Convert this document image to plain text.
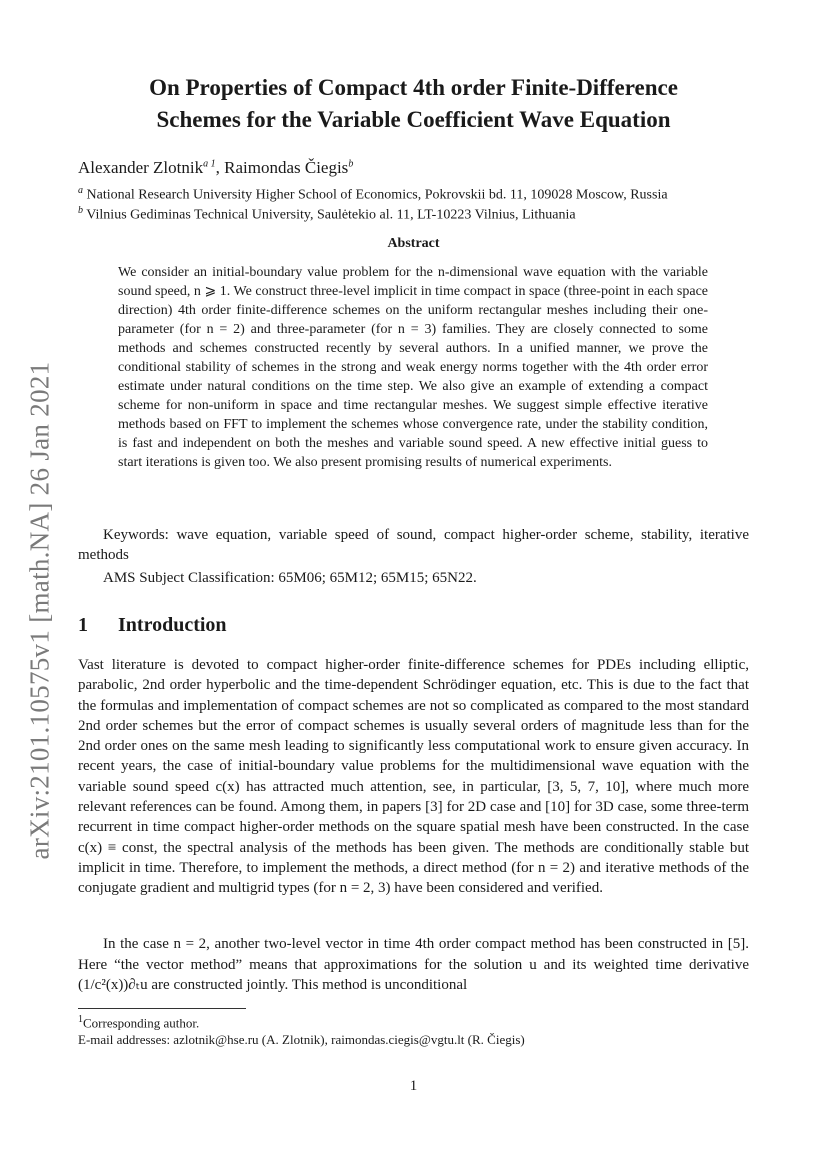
arXiv:2101.10575v1 [math.NA] 26 Jan 2021
On Properties of Compact 4th order Finite-Difference
Schemes for the Variable Coefficient Wave Equation
Alexander Zlotnik$^{a 1}$, Raimondas Čiegis$^b$
$^a$ National Research University Higher School of Economics, Pokrovskii bd. 11, 109028 Moscow, Russia
$^b$ Vilnius Gediminas Technical University, Saulėtekio al. 11, LT-10223 Vilnius, Lithuania
Abstract
We consider an initial-boundary value problem for the n-dimensional wave equation with the variable sound speed, n ⩾ 1. We construct three-level implicit in time compact in space (three-point in each space direction) 4th order finite-difference schemes on the uniform rectangular meshes including their one-parameter (for n = 2) and three-parameter (for n = 3) families. They are closely connected to some methods and schemes constructed recently by several authors. In a unified manner, we prove the conditional stability of schemes in the strong and weak energy norms together with the 4th order error estimate under natural conditions on the time step. We also give an example of extending a compact scheme for non-uniform in space and time rectangular meshes. We suggest simple effective iterative methods based on FFT to implement the schemes whose convergence rate, under the stability condition, is fast and independent on both the meshes and variable sound speed. A new effective initial guess to start iterations is given too. We also present promising results of numerical experiments.
Keywords: wave equation, variable speed of sound, compact higher-order scheme, stability, iterative methods
AMS Subject Classification: 65M06; 65M12; 65M15; 65N22.
1 Introduction
Vast literature is devoted to compact higher-order finite-difference schemes for PDEs including elliptic, parabolic, 2nd order hyperbolic and the time-dependent Schrödinger equation, etc. This is due to the fact that the formulas and implementation of compact schemes are not so complicated as compared to the most standard 2nd order schemes but the error of compact schemes is usually several orders of magnitude less than for the 2nd order ones on the same mesh leading to significantly less computational work to ensure given accuracy. In recent years, the case of initial-boundary value problems for the multidimensional wave equation with the variable sound speed c(x) has attracted much attention, see, in particular, [3, 5, 7, 10], where much more relevant references can be found. Among them, in papers [3] for 2D case and [10] for 3D case, some three-term recurrent in time compact higher-order methods on the square spatial mesh have been constructed. In the case c(x) ≡ const, the spectral analysis of the methods has been given. The methods are conditionally stable but implicit in time. Therefore, to implement the methods, a direct method (for n = 2) and iterative methods of the conjugate gradient and multigrid types (for n = 2, 3) have been considered and verified.
In the case n = 2, another two-level vector in time 4th order compact method has been constructed in [5]. Here “the vector method” means that approximations for the solution u and its weighted time derivative (1/c²(x))∂ₜu are constructed jointly. This method is unconditional
$^1$Corresponding author.
E-mail addresses: azlotnik@hse.ru (A. Zlotnik), raimondas.ciegis@vgtu.lt (R. Čiegis)
1
